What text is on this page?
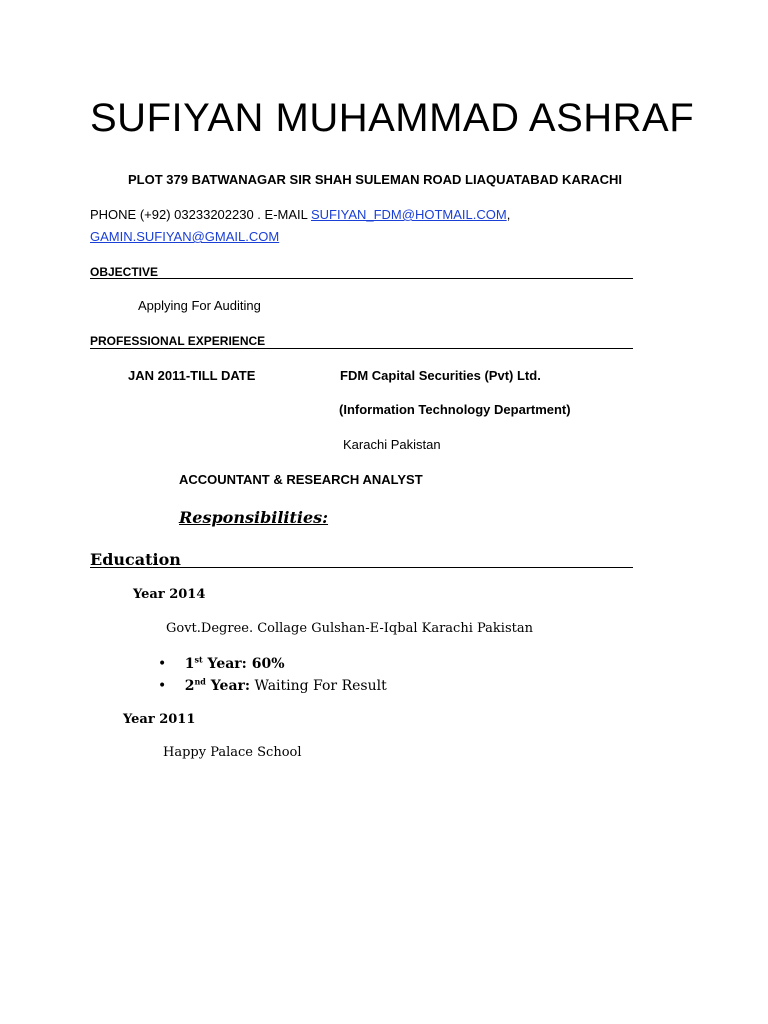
SUFIYAN MUHAMMAD ASHRAF
PLOT 379 BATWANAGAR SIR SHAH SULEMAN ROAD LIAQUATABAD KARACHI
PHONE (+92) 03233202230 . E-MAIL SUFIYAN_FDM@HOTMAIL.COM,
GAMIN.SUFIYAN@GMAIL.COM
OBJECTIVE
Applying For Auditing
PROFESSIONAL EXPERIENCE
JAN 2011-TILL DATE	FDM Capital Securities (Pvt) Ltd.
(Information Technology Department)
Karachi Pakistan
ACCOUNTANT & RESEARCH ANALYST
Responsibilities:
Education
Year 2014
Govt.Degree. Collage Gulshan-E-Iqbal Karachi Pakistan
• 1st Year: 60%
• 2nd Year: Waiting For Result
Year 2011
Happy Palace School
